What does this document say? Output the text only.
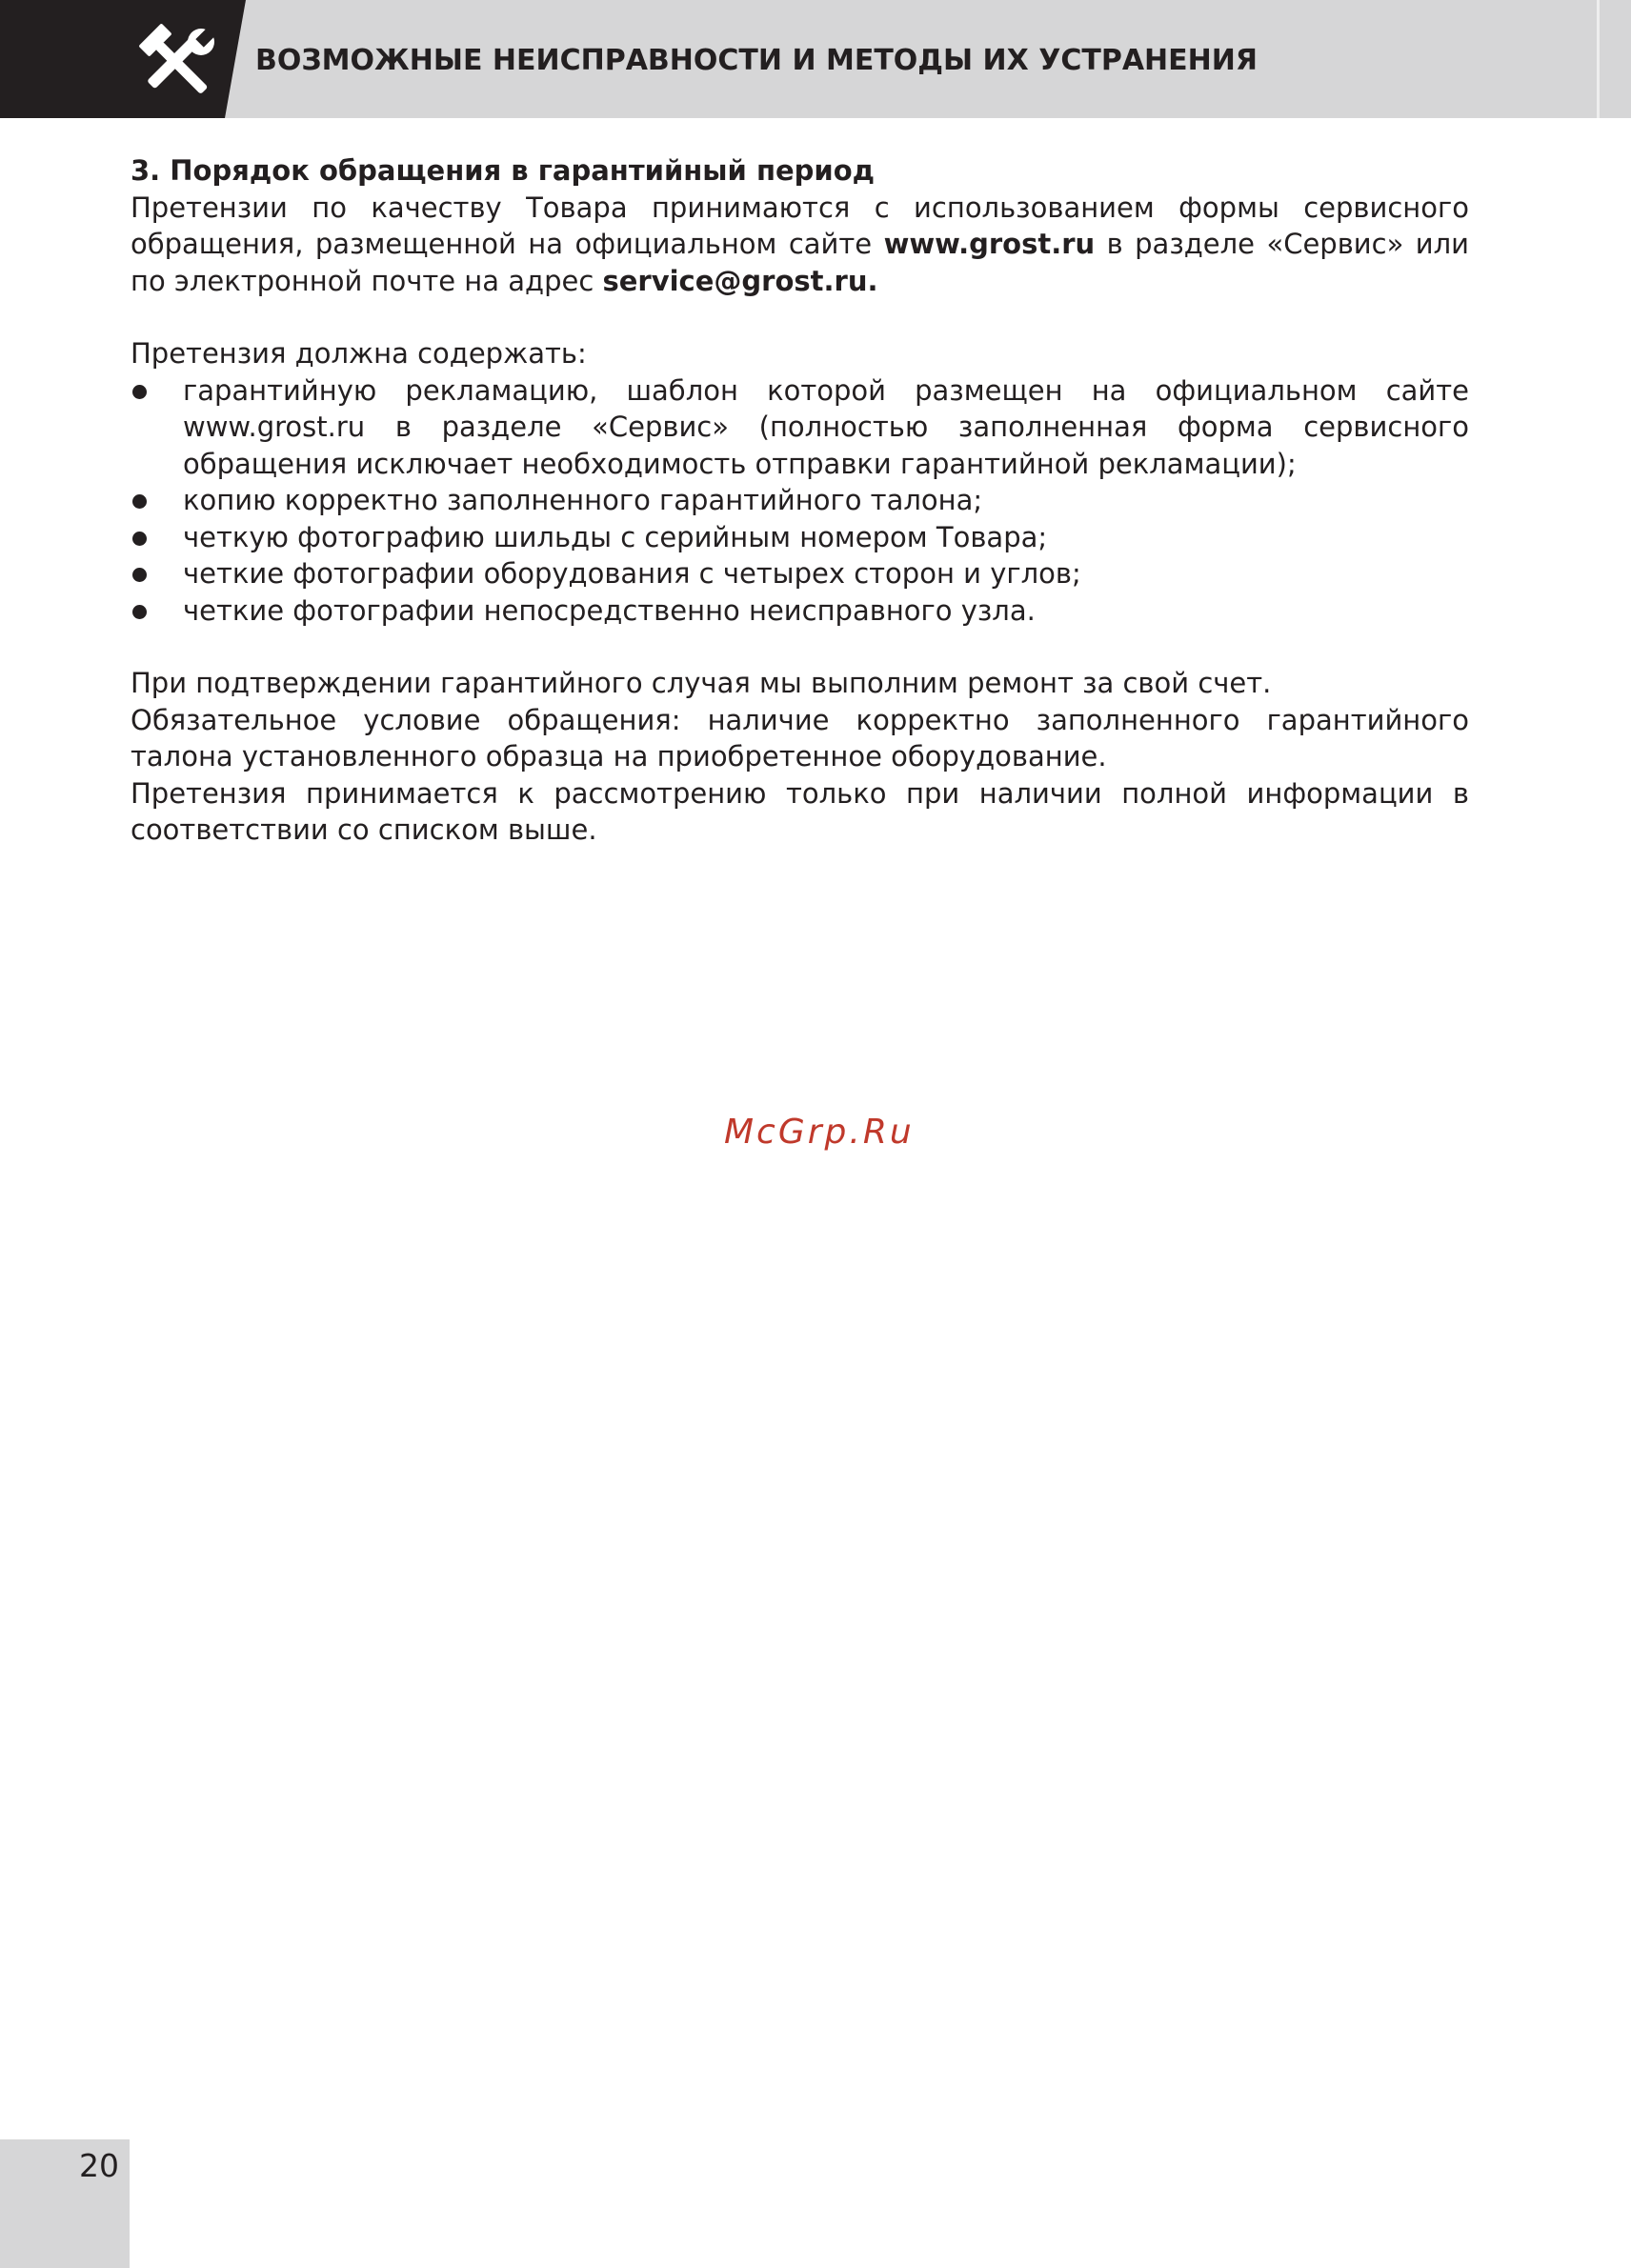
ВОЗМОЖНЫЕ НЕИСПРАВНОСТИ И МЕТОДЫ ИХ УСТРАНЕНИЯ

3. Порядок обращения в гарантийный период

Претензии по качеству Товара принимаются с использованием формы сервисного обращения, размещенной на официальном сайте www.grost.ru в разделе «Сервис» или по электронной почте на адрес service@grost.ru.

Претензия должна содержать:

гарантийную рекламацию, шаблон которой размещен на официальном сайте www.grost.ru в разделе «Сервис» (полностью заполненная форма сервисного обращения исключает необходимость отправки гарантийной рекламации);
копию корректно заполненного гарантийного талона;
четкую фотографию шильды с серийным номером Товара;
четкие фотографии оборудования с четырех сторон и углов;
четкие фотографии непосредственно неисправного узла.

При подтверждении гарантийного случая мы выполним ремонт за свой счет.

Обязательное условие обращения: наличие корректно заполненного гарантийного талона установленного образца на приобретенное оборудование.

Претензия принимается к рассмотрению только при наличии полной информации в соответствии со списком выше.

McGrp.Ru
20
